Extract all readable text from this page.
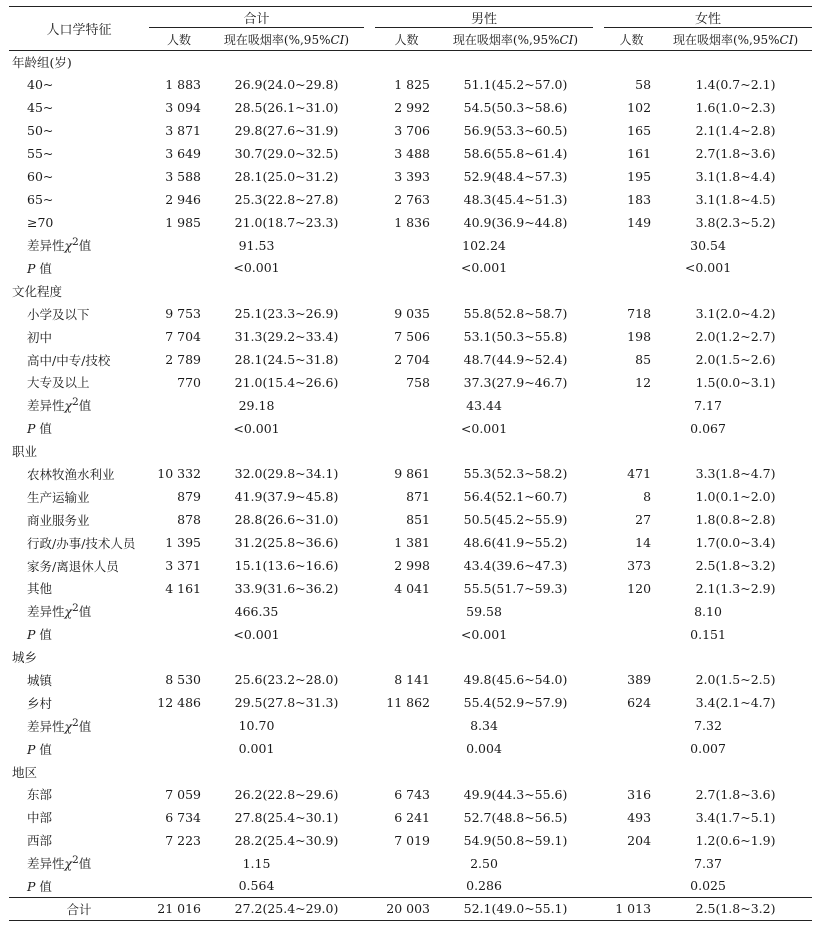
人口学特征	合计			男性			女性	
	人数	现在吸烟率(%,95%CI)		人数	现在吸烟率(%,95%CI)		人数	现在吸烟率(%,95%CI)
年龄组(岁)								
40~	1 883	26.9(24.0~29.8)		1 825	51.1(45.2~57.0)		58	1.4(0.7~2.1)
45~	3 094	28.5(26.1~31.0)		2 992	54.5(50.3~58.6)		102	1.6(1.0~2.3)
50~	3 871	29.8(27.6~31.9)		3 706	56.9(53.3~60.5)		165	2.1(1.4~2.8)
55~	3 649	30.7(29.0~32.5)		3 488	58.6(55.8~61.4)		161	2.7(1.8~3.6)
60~	3 588	28.1(25.0~31.2)		3 393	52.9(48.4~57.3)		195	3.1(1.8~4.4)
65~	2 946	25.3(22.8~27.8)		2 763	48.3(45.4~51.3)		183	3.1(1.8~4.5)
≥70	1 985	21.0(18.7~23.3)		1 836	40.9(36.9~44.8)		149	3.8(2.3~5.2)
差异性$\chi^2$值	91.53			102.24			30.54	
P 值	<0.001			<0.001			<0.001	
文化程度								
小学及以下	9 753	25.1(23.3~26.9)		9 035	55.8(52.8~58.7)		718	3.1(2.0~4.2)
初中	7 704	31.3(29.2~33.4)		7 506	53.1(50.3~55.8)		198	2.0(1.2~2.7)
高中/中专/技校	2 789	28.1(24.5~31.8)		2 704	48.7(44.9~52.4)		85	2.0(1.5~2.6)
大专及以上	770	21.0(15.4~26.6)		758	37.3(27.9~46.7)		12	1.5(0.0~3.1)
差异性$\chi^2$值	29.18			43.44			7.17	
P 值	<0.001			<0.001			0.067	
职业								
农林牧渔水利业	10 332	32.0(29.8~34.1)		9 861	55.3(52.3~58.2)		471	3.3(1.8~4.7)
生产运输业	879	41.9(37.9~45.8)		871	56.4(52.1~60.7)		8	1.0(0.1~2.0)
商业服务业	878	28.8(26.6~31.0)		851	50.5(45.2~55.9)		27	1.8(0.8~2.8)
行政/办事/技术人员	1 395	31.2(25.8~36.6)		1 381	48.6(41.9~55.2)		14	1.7(0.0~3.4)
家务/离退休人员	3 371	15.1(13.6~16.6)		2 998	43.4(39.6~47.3)		373	2.5(1.8~3.2)
其他	4 161	33.9(31.6~36.2)		4 041	55.5(51.7~59.3)		120	2.1(1.3~2.9)
差异性$\chi^2$值	466.35			59.58			8.10	
P 值	<0.001			<0.001			0.151	
城乡								
城镇	8 530	25.6(23.2~28.0)		8 141	49.8(45.6~54.0)		389	2.0(1.5~2.5)
乡村	12 486	29.5(27.8~31.3)		11 862	55.4(52.9~57.9)		624	3.4(2.1~4.7)
差异性$\chi^2$值	10.70			8.34			7.32	
P 值	0.001			0.004			0.007	
地区								
东部	7 059	26.2(22.8~29.6)		6 743	49.9(44.3~55.6)		316	2.7(1.8~3.6)
中部	6 734	27.8(25.4~30.1)		6 241	52.7(48.8~56.5)		493	3.4(1.7~5.1)
西部	7 223	28.2(25.4~30.9)		7 019	54.9(50.8~59.1)		204	1.2(0.6~1.9)
差异性$\chi^2$值	1.15			2.50			7.37	
P 值	0.564			0.286			0.025	
合计	21 016	27.2(25.4~29.0)		20 003	52.1(49.0~55.1)		1 013	2.5(1.8~3.2)
